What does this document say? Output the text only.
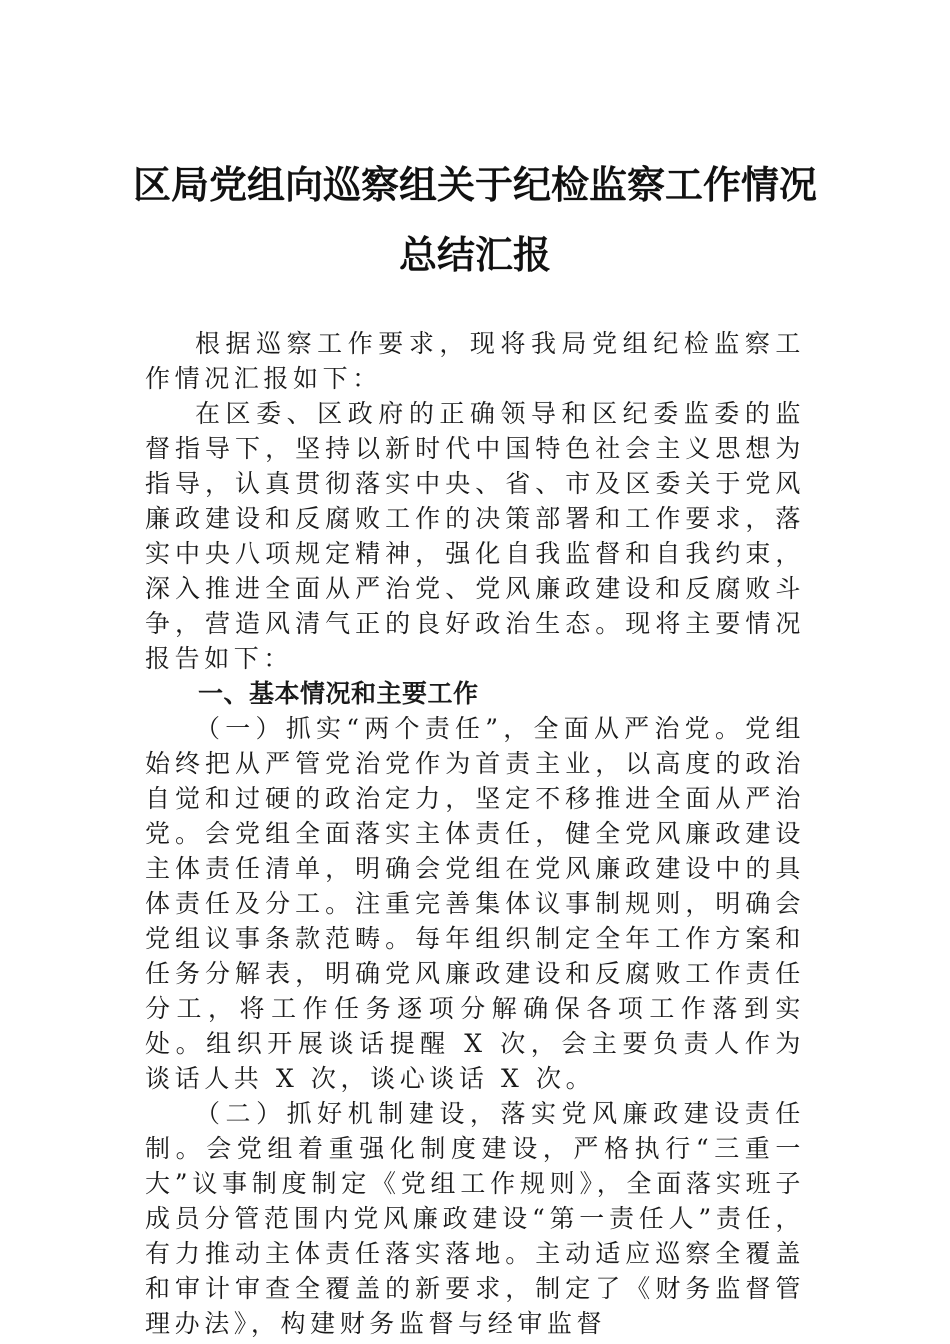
区局党组向巡察组关于纪检监察工作情况
总结汇报

根据巡察工作要求，现将我局党组纪检监察工作情况汇报如下：

在区委、区政府的正确领导和区纪委监委的监督指导下，坚持以新时代中国特色社会主义思想为指导，认真贯彻落实中央、省、市及区委关于党风廉政建设和反腐败工作的决策部署和工作要求，落实中央八项规定精神，强化自我监督和自我约束，深入推进全面从严治党、党风廉政建设和反腐败斗争，营造风清气正的良好政治生态。现将主要情况报告如下：

一、基本情况和主要工作

（一）抓实“两个责任”，全面从严治党。党组始终把从严管党治党作为首责主业，以高度的政治自觉和过硬的政治定力，坚定不移推进全面从严治党。会党组全面落实主体责任，健全党风廉政建设主体责任清单，明确会党组在党风廉政建设中的具体责任及分工。注重完善集体议事制规则，明确会党组议事条款范畴。每年组织制定全年工作方案和任务分解表，明确党风廉政建设和反腐败工作责任分工，将工作任务逐项分解确保各项工作落到实处。组织开展谈话提醒 X 次，会主要负责人作为谈话人共 X 次，谈心谈话 X 次。

（二）抓好机制建设，落实党风廉政建设责任制。会党组着重强化制度建设，严格执行“三重一大”议事制度制定《党组工作规则》，全面落实班子成员分管范围内党风廉政建设“第一责任人”责任，有力推动主体责任落实落地。主动适应巡察全覆盖和审计审查全覆盖的新要求，制定了《财务监督管理办法》，构建财务监督与经审监督
